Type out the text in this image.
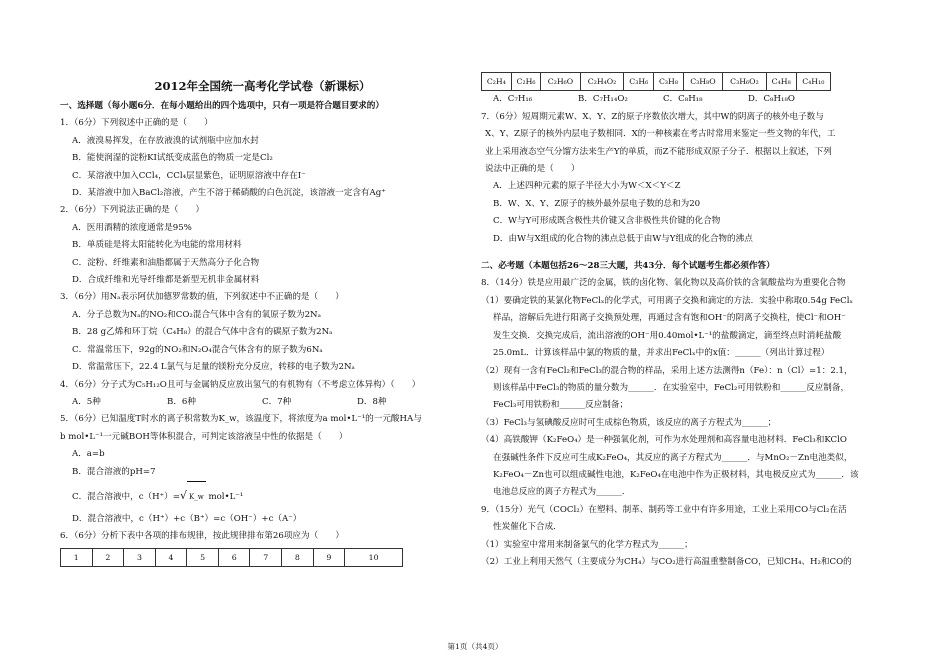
2012年全国统一高考化学试卷（新课标）
一、选择题（每小题6分．在每小题给出的四个选项中，只有一项是符合题目要求的）
1．（6分）下列叙述中正确的是（　　）
A．液溴易挥发，在存放液溴的试剂瓶中应加水封
B．能使润湿的淀粉KI试纸变成蓝色的物质一定是Cl₂
C．某溶液中加入CCl₄，CCl₄层显紫色，证明原溶液中存在I⁻
D．某溶液中加入BaCl₂溶液，产生不溶于稀硝酸的白色沉淀，该溶液一定含有Ag⁺
2．（6分）下列说法正确的是（　　）
A．医用酒精的浓度通常是95%
B．单质硅是将太阳能转化为电能的常用材料
C．淀粉、纤维素和油脂都属于天然高分子化合物
D．合成纤维和光导纤维都是新型无机非金属材料
3．（6分）用Nₐ表示阿伏加德罗常数的值，下列叙述中不正确的是（　　）
A．分子总数为Nₐ的NO₂和CO₂混合气体中含有的氧原子数为2Nₐ
B．28 g乙烯和环丁烷（C₄H₈）的混合气体中含有的碳原子数为2Nₐ
C．常温常压下，92g的NO₂和N₂O₄混合气体含有的原子数为6Nₐ
D．常温常压下，22.4 L氯气与足量的镁粉充分反应，转移的电子数为2Nₐ
4．（6分）分子式为C₅H₁₂O且可与金属钠反应放出氢气的有机物有（不考虑立体异构）（　　）
A．5种	B．6种	C．7种	D．8种
5．（6分）已知温度T时水的离子积常数为K_w，该温度下，将浓度为a mol•L⁻¹的一元酸HA与
b mol•L⁻¹一元碱BOH等体积混合，可判定该溶液呈中性的依据是（　　）
A．a=b
B．混合溶液的pH=7
C．混合溶液中，c（H⁺）=√ K_w mol•L⁻¹
D．混合溶液中，c（H⁺）+c（B⁺）=c（OH⁻）+c（A⁻）
6．（6分）分析下表中各项的排布规律，按此规律排布第26项应为（　　）
1	2	3	4	5	6	7	8	9	10
C₂H₄	C₂H₆	C₂H₆O	C₂H₄O₂	C₃H₆	C₃H₈	C₃H₈O	C₃H₆O₂	C₄H₈	C₄H₁₀
A．C₇H₁₆	B．C₇H₁₄O₂	C．C₈H₁₈	D．C₈H₁₈O
7．（6分）短周期元素W、X、Y、Z的原子序数依次增大，其中W的阴离子的核外电子数与
X、Y、Z原子的核外内层电子数相同．X的一种核素在考古时常用来鉴定一些文物的年代，工
业上采用液态空气分馏方法来生产Y的单质，而Z不能形成双原子分子．根据以上叙述，下列
说法中正确的是（　　）
A．上述四种元素的原子半径大小为W＜X＜Y＜Z
B．W、X、Y、Z原子的核外最外层电子数的总和为20
C．W与Y可形成既含极性共价键又含非极性共价键的化合物
D．由W与X组成的化合物的沸点总低于由W与Y组成的化合物的沸点
二、必考题（本题包括26～28三大题，共43分．每个试题考生都必须作答）
8．（14分）铁是应用最广泛的金属，铁的卤化物、氧化物以及高价铁的含氧酸盐均为重要化合物
（1）要确定铁的某氯化物FeClₓ的化学式，可用离子交换和滴定的方法．实验中称取0.54g FeClₓ
样品，溶解后先进行阳离子交换预处理，再通过含有饱和OH⁻的阴离子交换柱，使Cl⁻和OH⁻
发生交换．交换完成后，流出溶液的OH⁻用0.40mol•L⁻¹的盐酸滴定，滴至终点时消耗盐酸
25.0mL．计算该样品中氯的物质的量，并求出FeClₓ中的x值：______（列出计算过程）
（2）现有一含有FeCl₂和FeCl₃的混合物的样品，采用上述方法测得n（Fe）：n（Cl）=1：2.1，
则该样品中FeCl₃的物质的量分数为______．在实验室中，FeCl₂可用铁粉和______反应制备，
FeCl₃可用铁粉和______反应制备；
（3）FeCl₃与氢碘酸反应时可生成棕色物质，该反应的离子方程式为______；
（4）高铁酸钾（K₂FeO₄）是一种强氧化剂，可作为水处理剂和高容量电池材料．FeCl₃和KClO
在强碱性条件下反应可生成K₂FeO₄，其反应的离子方程式为______．与MnO₂－Zn电池类似，
K₂FeO₄－Zn也可以组成碱性电池，K₂FeO₄在电池中作为正极材料，其电极反应式为______．该
电池总反应的离子方程式为______．
9．（15分）光气（COCl₂）在塑料、制革、制药等工业中有许多用途，工业上采用CO与Cl₂在活
性炭催化下合成．
（1）实验室中常用来制备氯气的化学方程式为______；
（2）工业上利用天然气（主要成分为CH₄）与CO₂进行高温重整制备CO，已知CH₄、H₂和CO的
第1页（共4页）
